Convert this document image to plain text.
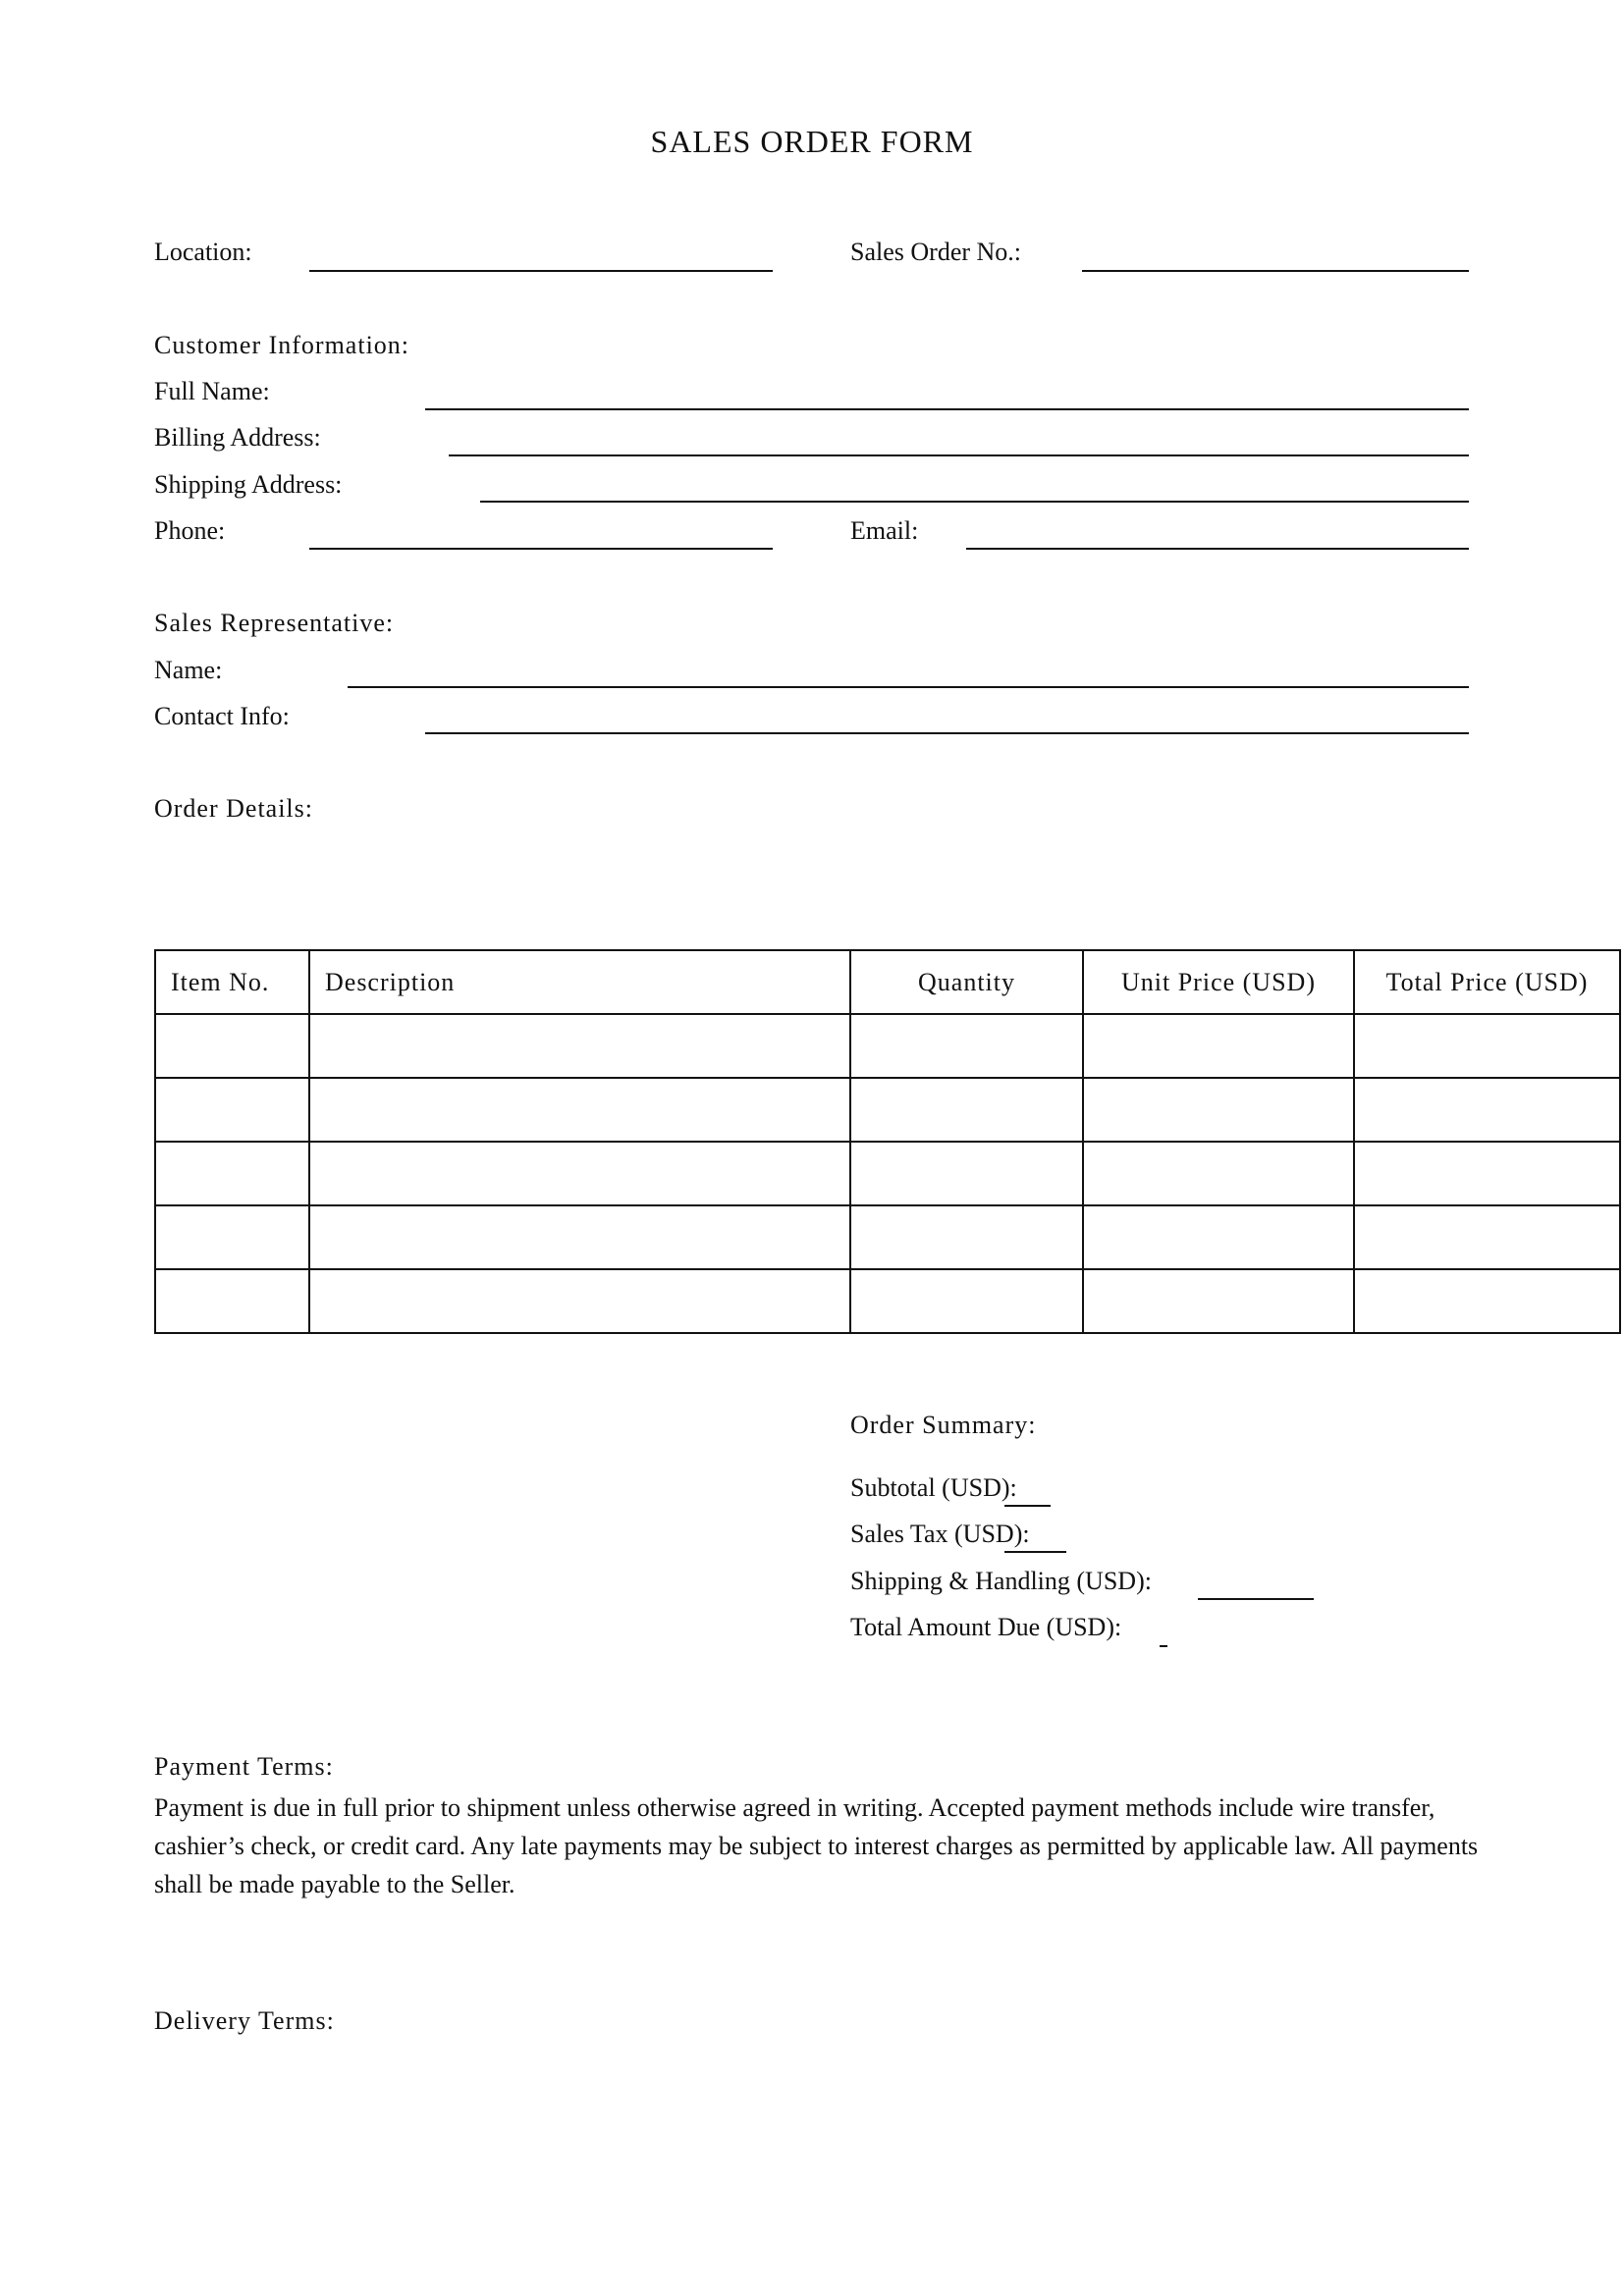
SALES ORDER FORM
Location:	Sales Order No.:
Customer Information:
Full Name:
Billing Address:
Shipping Address:
Phone:	Email:
Sales Representative:
Name:
Contact Info:
Order Details:
Item No.	Description	Quantity	Unit Price (USD)	Total Price (USD)

Order Summary:
Subtotal (USD):
Sales Tax (USD):
Shipping & Handling (USD):
Total Amount Due (USD):
Payment Terms:
Payment is due in full prior to shipment unless otherwise agreed in writing. Accepted payment methods include wire transfer, cashier’s check, or credit card. Any late payments may be subject to interest charges as permitted by applicable law. All payments shall be made payable to the Seller.
Delivery Terms:
